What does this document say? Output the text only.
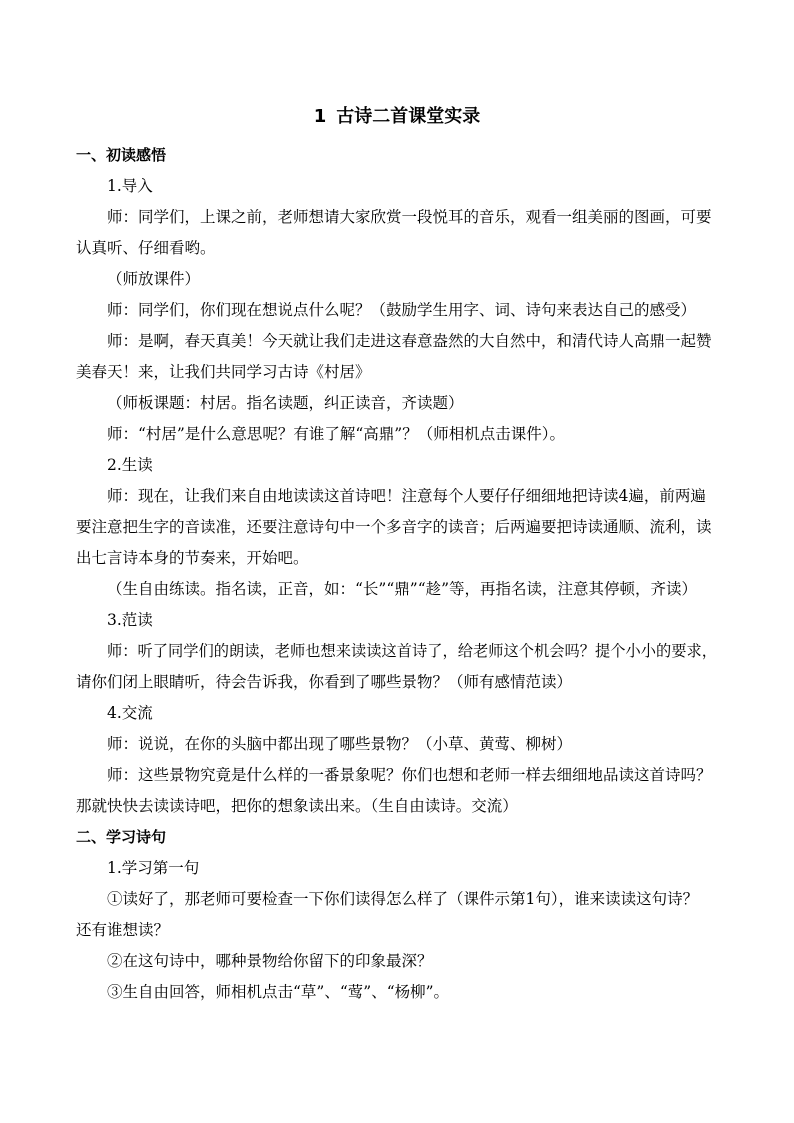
1 古诗二首课堂实录

一、初读感悟

1.导入

师：同学们，上课之前，老师想请大家欣赏一段悦耳的音乐，观看一组美丽的图画，可要

认真听、仔细看哟。

（师放课件）

师：同学们，你们现在想说点什么呢？（鼓励学生用字、词、诗句来表达自己的感受）

师：是啊，春天真美！今天就让我们走进这春意盎然的大自然中，和清代诗人高鼎一起赞

美春天！来，让我们共同学习古诗《村居》

（师板课题：村居。指名读题，纠正读音，齐读题）

师：“村居”是什么意思呢？有谁了解“高鼎”？（师相机点击课件）。

2.生读

师：现在，让我们来自由地读读这首诗吧！注意每个人要仔仔细细地把诗读4遍，前两遍

要注意把生字的音读准，还要注意诗句中一个多音字的读音；后两遍要把诗读通顺、流利，读

出七言诗本身的节奏来，开始吧。

（生自由练读。指名读，正音，如：“长”“鼎”“趁”等，再指名读，注意其停顿，齐读）

3.范读

师：听了同学们的朗读，老师也想来读读这首诗了，给老师这个机会吗？提个小小的要求，

请你们闭上眼睛听，待会告诉我，你看到了哪些景物？（师有感情范读）

4.交流

师：说说，在你的头脑中都出现了哪些景物？（小草、黄莺、柳树）

师：这些景物究竟是什么样的一番景象呢？你们也想和老师一样去细细地品读这首诗吗？

那就快快去读读诗吧，把你的想象读出来。（生自由读诗。交流）

二、学习诗句

1.学习第一句

①读好了，那老师可要检查一下你们读得怎么样了（课件示第1句），谁来读读这句诗？

还有谁想读？

②在这句诗中，哪种景物给你留下的印象最深？

③生自由回答，师相机点击“草”、“莺”、“杨柳”。
